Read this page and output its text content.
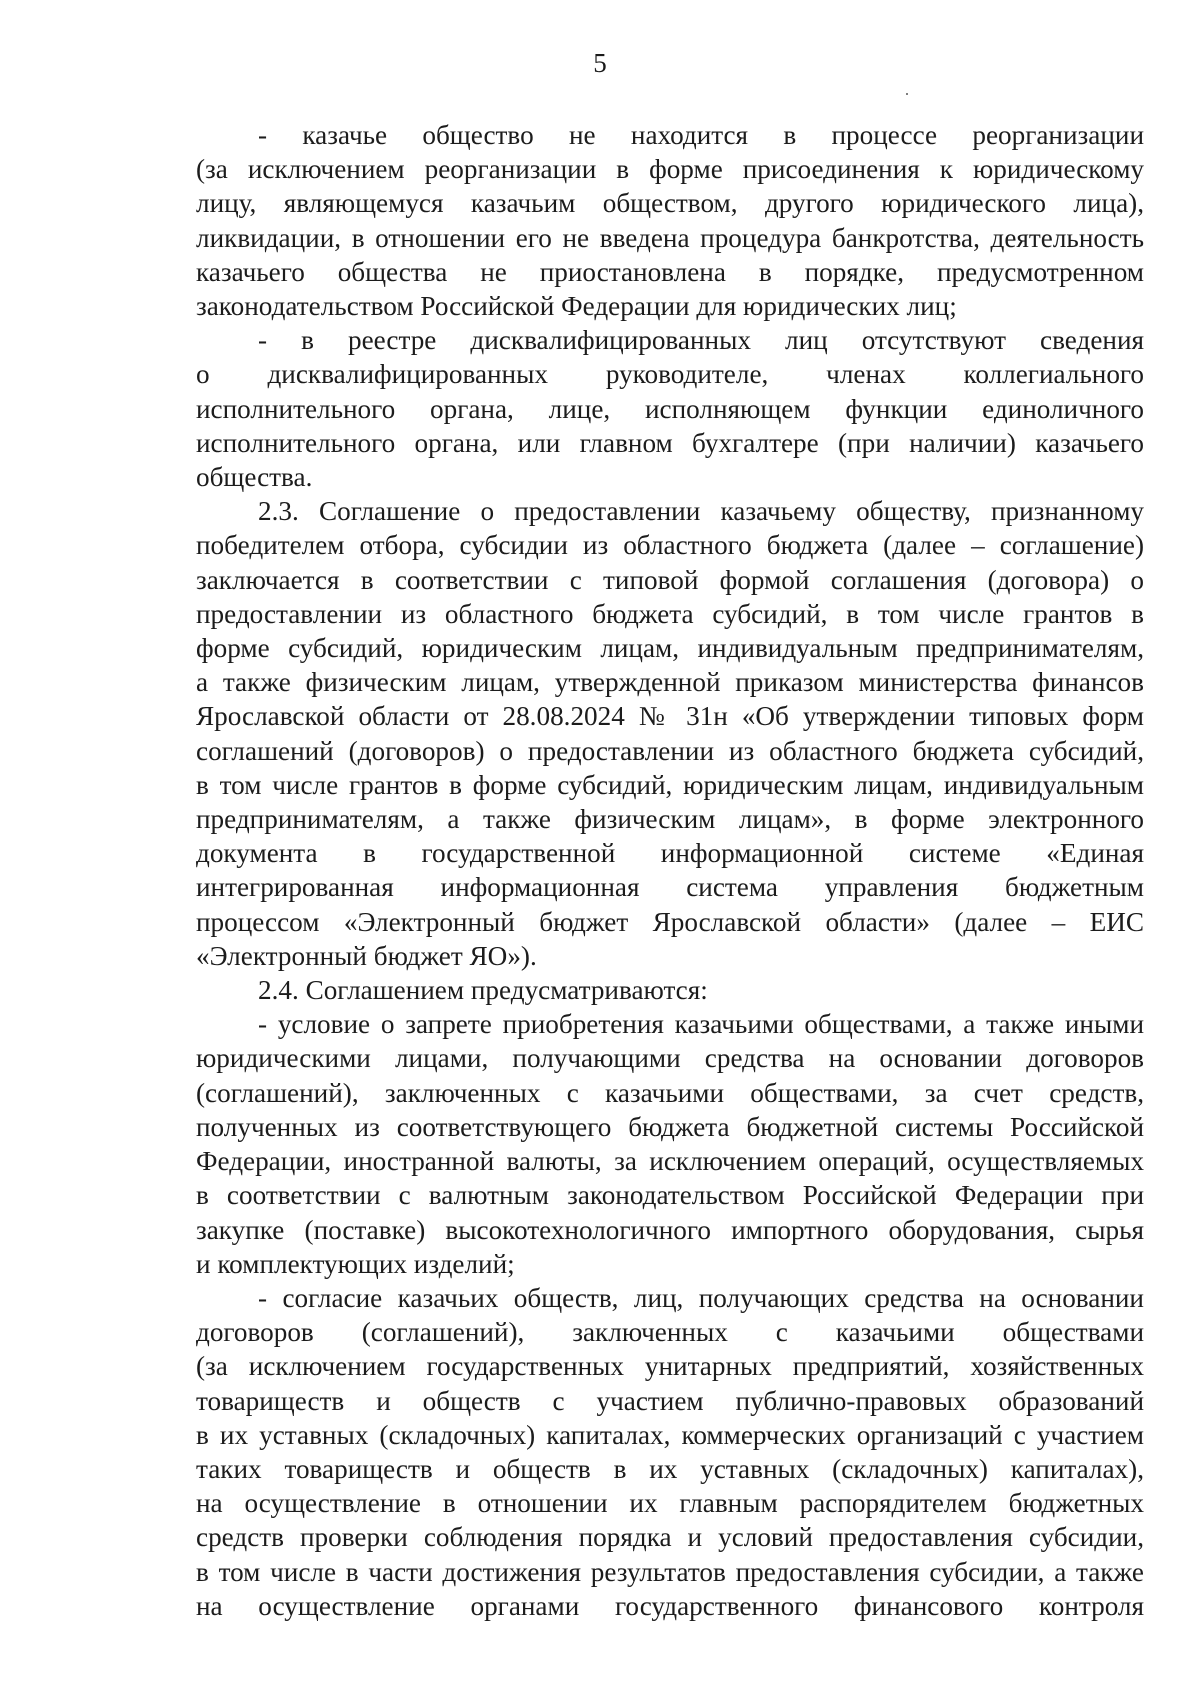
5

- казачье общество не находится в процессе реорганизации
(за исключением реорганизации в форме присоединения к юридическому
лицу, являющемуся казачьим обществом, другого юридического лица),
ликвидации, в отношении его не введена процедура банкротства, деятельность
казачьего общества не приостановлена в порядке, предусмотренном
законодательством Российской Федерации для юридических лиц;

- в реестре дисквалифицированных лиц отсутствуют сведения
о дисквалифицированных руководителе, членах коллегиального
исполнительного органа, лице, исполняющем функции единоличного
исполнительного органа, или главном бухгалтере (при наличии) казачьего
общества.

2.3. Соглашение о предоставлении казачьему обществу, признанному
победителем отбора, субсидии из областного бюджета (далее – соглашение)
заключается в соответствии с типовой формой соглашения (договора) о
предоставлении из областного бюджета субсидий, в том числе грантов в
форме субсидий, юридическим лицам, индивидуальным предпринимателям,
а также физическим лицам, утвержденной приказом министерства финансов
Ярославской области от 28.08.2024 № 31н «Об утверждении типовых форм
соглашений (договоров) о предоставлении из областного бюджета субсидий,
в том числе грантов в форме субсидий, юридическим лицам, индивидуальным
предпринимателям, а также физическим лицам», в форме электронного
документа в государственной информационной системе «Единая
интегрированная информационная система управления бюджетным
процессом «Электронный бюджет Ярославской области» (далее – ЕИС
«Электронный бюджет ЯО»).

2.4. Соглашением предусматриваются:

- условие о запрете приобретения казачьими обществами, а также иными
юридическими лицами, получающими средства на основании договоров
(соглашений), заключенных с казачьими обществами, за счет средств,
полученных из соответствующего бюджета бюджетной системы Российской
Федерации, иностранной валюты, за исключением операций, осуществляемых
в соответствии с валютным законодательством Российской Федерации при
закупке (поставке) высокотехнологичного импортного оборудования, сырья
и комплектующих изделий;

- согласие казачьих обществ, лиц, получающих средства на основании
договоров (соглашений), заключенных с казачьими обществами
(за исключением государственных унитарных предприятий, хозяйственных
товариществ и обществ с участием публично-правовых образований
в их уставных (складочных) капиталах, коммерческих организаций с участием
таких товариществ и обществ в их уставных (складочных) капиталах),
на осуществление в отношении их главным распорядителем бюджетных
средств проверки соблюдения порядка и условий предоставления субсидии,
в том числе в части достижения результатов предоставления субсидии, а также
на осуществление органами государственного финансового контроля
